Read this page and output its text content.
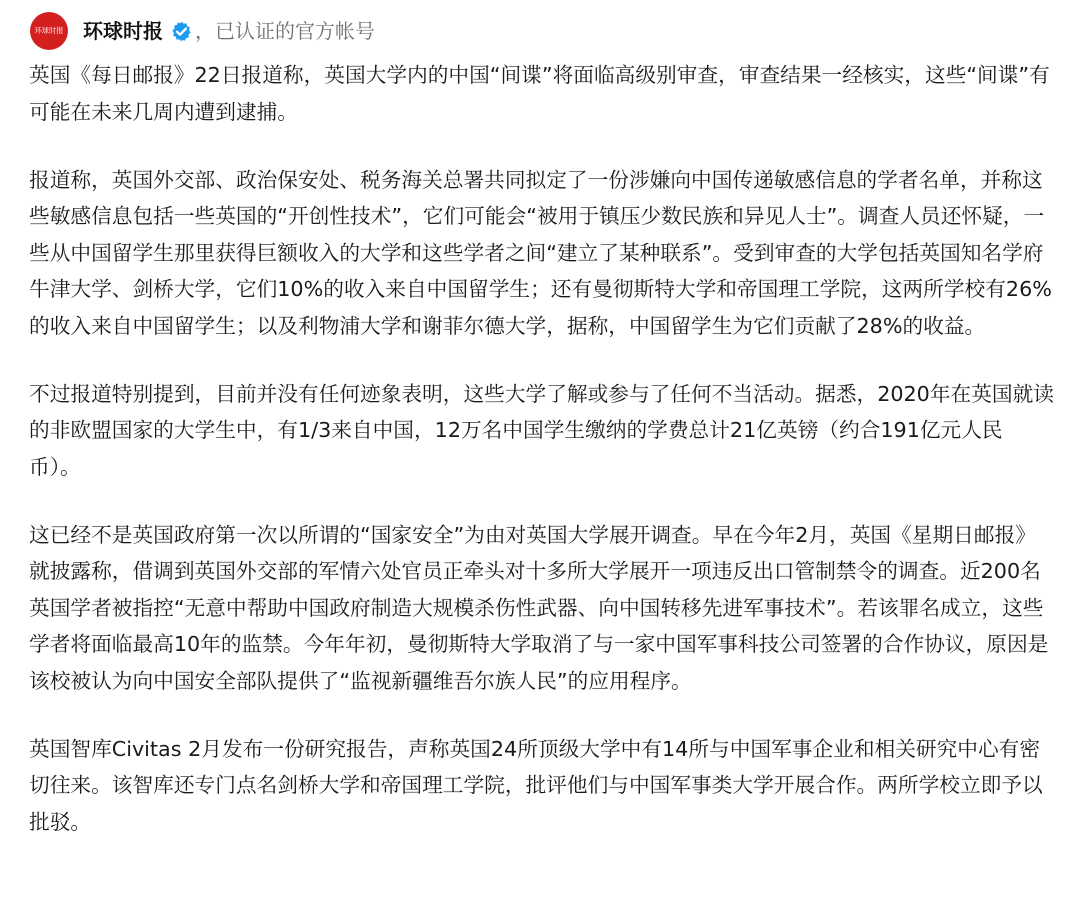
环球时报 环球时报 ，已认证的官方帐号

英国《每日邮报》22日报道称，英国大学内的中国“间谍”将面临高级别审查，审查结果一经核实，这些“间谍”有可能在未来几周内遭到逮捕。

报道称，英国外交部、政治保安处、税务海关总署共同拟定了一份涉嫌向中国传递敏感信息的学者名单，并称这些敏感信息包括一些英国的“开创性技术”，它们可能会“被用于镇压少数民族和异见人士”。调查人员还怀疑，一些从中国留学生那里获得巨额收入的大学和这些学者之间“建立了某种联系”。受到审查的大学包括英国知名学府牛津大学、剑桥大学，它们10%的收入来自中国留学生；还有曼彻斯特大学和帝国理工学院，这两所学校有26%的收入来自中国留学生；以及利物浦大学和谢菲尔德大学，据称，中国留学生为它们贡献了28%的收益。

不过报道特别提到，目前并没有任何迹象表明，这些大学了解或参与了任何不当活动。据悉，2020年在英国就读的非欧盟国家的大学生中，有1/3来自中国，12万名中国学生缴纳的学费总计21亿英镑（约合191亿元人民币）。

这已经不是英国政府第一次以所谓的“国家安全”为由对英国大学展开调查。早在今年2月，英国《星期日邮报》就披露称，借调到英国外交部的军情六处官员正牵头对十多所大学展开一项违反出口管制禁令的调查。近200名英国学者被指控“无意中帮助中国政府制造大规模杀伤性武器、向中国转移先进军事技术”。若该罪名成立，这些学者将面临最高10年的监禁。今年年初，曼彻斯特大学取消了与一家中国军事科技公司签署的合作协议，原因是该校被认为向中国安全部队提供了“监视新疆维吾尔族人民”的应用程序。

英国智库Civitas 2月发布一份研究报告，声称英国24所顶级大学中有14所与中国军事企业和相关研究中心有密切往来。该智库还专门点名剑桥大学和帝国理工学院，批评他们与中国军事类大学开展合作。两所学校立即予以批驳。
